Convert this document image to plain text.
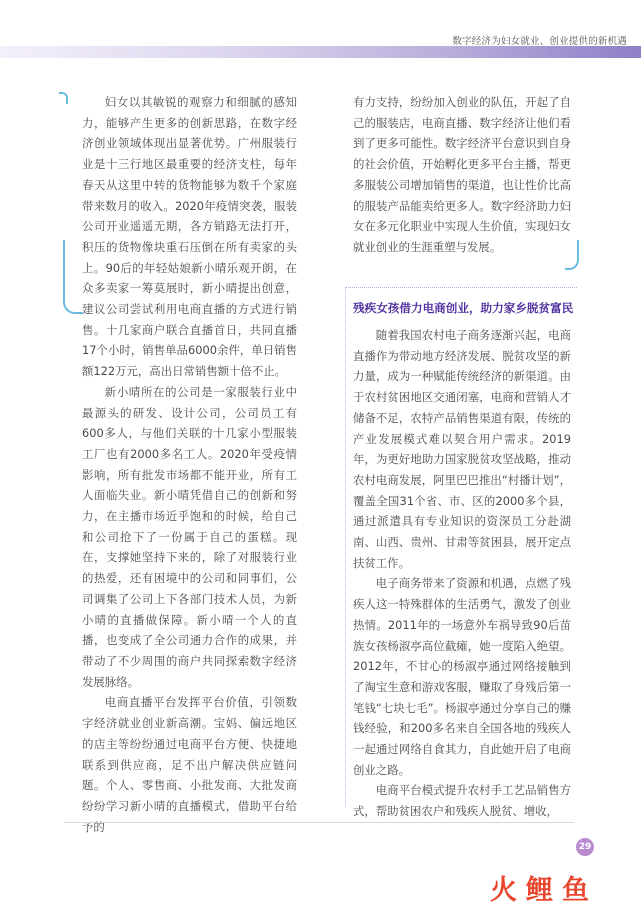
数字经济为妇女就业、创业提供的新机遇

妇女以其敏锐的观察力和细腻的感知力，能够产生更多的创新思路，在数字经济创业领域体现出显著优势。广州服装行业是十三行地区最重要的经济支柱，每年春天从这里中转的货物能够为数千个家庭带来数月的收入。2020年疫情突袭，服装公司开业遥遥无期，各方销路无法打开，积压的货物像块重石压倒在所有卖家的头上。90后的年轻姑娘新小晴乐观开朗，在众多卖家一筹莫展时，新小晴提出创意，建议公司尝试利用电商直播的方式进行销售。十几家商户联合直播首日，共同直播17个小时，销售单品6000余件，单日销售额122万元，高出日常销售额十倍不止。

新小晴所在的公司是一家服装行业中最源头的研发、设计公司，公司员工有600多人，与他们关联的十几家小型服装工厂也有2000多名工人。2020年受疫情影响，所有批发市场都不能开业，所有工人面临失业。新小晴凭借自己的创新和努力，在主播市场近乎饱和的时候，给自己和公司抢下了一份属于自己的蛋糕。现在，支撑她坚持下来的，除了对服装行业的热爱，还有困境中的公司和同事们，公司调集了公司上下各部门技术人员，为新小晴的直播做保障。新小晴一个人的直播，也变成了全公司通力合作的成果，并带动了不少周围的商户共同探索数字经济发展脉络。

电商直播平台发挥平台价值，引领数字经济就业创业新高潮。宝妈、偏远地区的店主等纷纷通过电商平台方便、快捷地联系到供应商，足不出户解决供应链问题。个人、零售商、小批发商、大批发商纷纷学习新小晴的直播模式，借助平台给予的

有力支持，纷纷加入创业的队伍，开起了自己的服装店，电商直播、数字经济让他们看到了更多可能性。数字经济平台意识到自身的社会价值，开始孵化更多平台主播，帮更多服装公司增加销售的渠道，也让性价比高的服装产品能卖给更多人。数字经济助力妇女在多元化职业中实现人生价值，实现妇女就业创业的生涯重塑与发展。

残疾女孩借力电商创业，助力家乡脱贫富民

随着我国农村电子商务逐渐兴起，电商直播作为带动地方经济发展、脱贫攻坚的新力量，成为一种赋能传统经济的新渠道。由于农村贫困地区交通闭塞，电商和营销人才储备不足，农特产品销售渠道有限，传统的产业发展模式难以契合用户需求。2019年，为更好地助力国家脱贫攻坚战略，推动农村电商发展，阿里巴巴推出“村播计划”，覆盖全国31个省、市、区的2000多个县，通过派遣具有专业知识的资深员工分赴湖南、山西、贵州、甘肃等贫困县，展开定点扶贫工作。

电子商务带来了资源和机遇，点燃了残疾人这一特殊群体的生活勇气，激发了创业热情。2011年的一场意外车祸导致90后苗族女孩杨淑亭高位截瘫，她一度陷入绝望。2012年，不甘心的杨淑亭通过网络接触到了淘宝生意和游戏客服，赚取了身残后第一笔钱“七块七毛”。杨淑亭通过分享自己的赚钱经验，和200多名来自全国各地的残疾人一起通过网络自食其力，自此她开启了电商创业之路。

电商平台模式提升农村手工艺品销售方式，帮助贫困农户和残疾人脱贫、增收，

29
火 鲤 鱼
